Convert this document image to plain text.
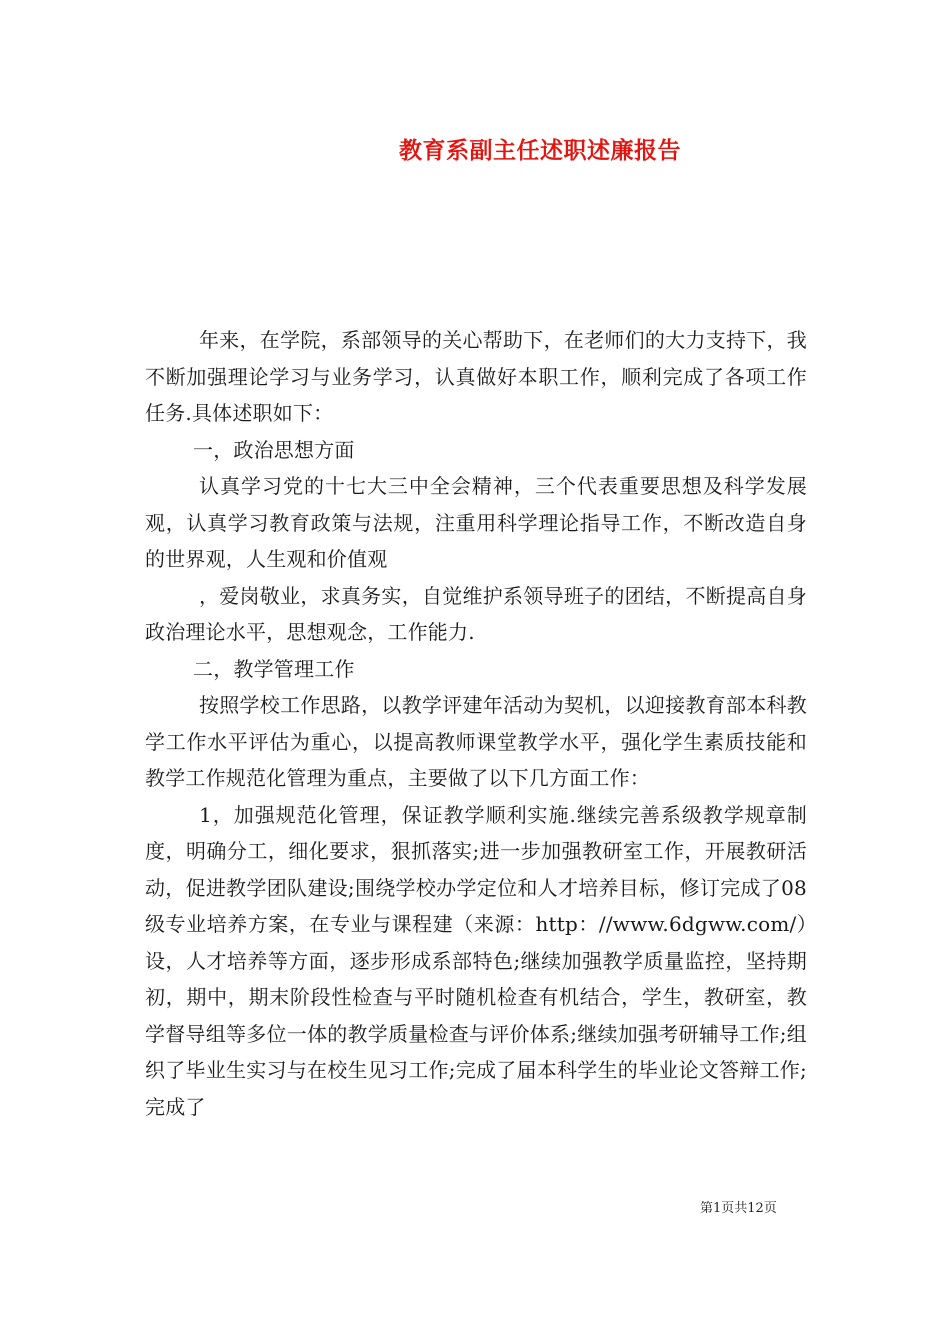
教育系副主任述职述廉报告

年来，在学院，系部领导的关心帮助下，在老师们的大力支持下，我不断加强理论学习与业务学习，认真做好本职工作，顺利完成了各项工作任务.具体述职如下：

一，政治思想方面

认真学习党的十七大三中全会精神，三个代表重要思想及科学发展观，认真学习教育政策与法规，注重用科学理论指导工作，不断改造自身的世界观，人生观和价值观

，爱岗敬业，求真务实，自觉维护系领导班子的团结，不断提高自身政治理论水平，思想观念，工作能力.

二，教学管理工作

按照学校工作思路，以教学评建年活动为契机，以迎接教育部本科教学工作水平评估为重心，以提高教师课堂教学水平，强化学生素质技能和教学工作规范化管理为重点，主要做了以下几方面工作：

1，加强规范化管理，保证教学顺利实施.继续完善系级教学规章制度，明确分工，细化要求，狠抓落实;进一步加强教研室工作，开展教研活动，促进教学团队建设;围绕学校办学定位和人才培养目标，修订完成了08级专业培养方案，在专业与课程建（来源：http：//www.6dgww.com/）设，人才培养等方面，逐步形成系部特色;继续加强教学质量监控，坚持期初，期中，期末阶段性检查与平时随机检查有机结合，学生，教研室，教学督导组等多位一体的教学质量检查与评价体系;继续加强考研辅导工作;组织了毕业生实习与在校生见习工作;完成了届本科学生的毕业论文答辩工作;完成了

第1页共12页
